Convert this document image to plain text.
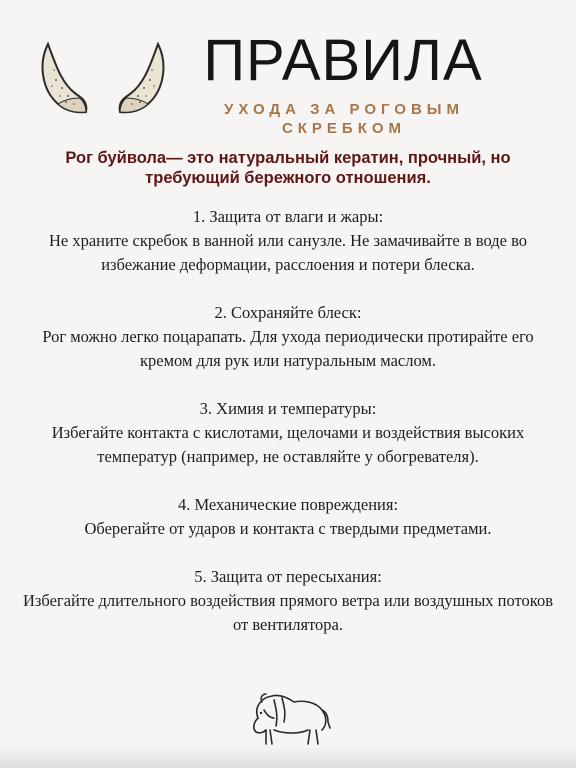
ПРАВИЛА
УХОДА ЗА РОГОВЫМ СКРЕБКОМ
Рог буйвола— это натуральный кератин, прочный, но требующий бережного отношения.
1. Защита от влаги и жары:
Не храните скребок в ванной или санузле. Не замачивайте в воде во избежание деформации, расслоения и потери блеска.
2. Сохраняйте блеск:
Рог можно легко поцарапать. Для ухода периодически протирайте его кремом для рук или натуральным маслом.
3. Химия и температуры:
Избегайте контакта с кислотами, щелочами и воздействия высоких температур (например, не оставляйте у обогревателя).
4. Механические повреждения:
Оберегайте от ударов и контакта с твердыми предметами.
5. Защита от пересыхания:
Избегайте длительного воздействия прямого ветра или воздушных потоков от вентилятора.
